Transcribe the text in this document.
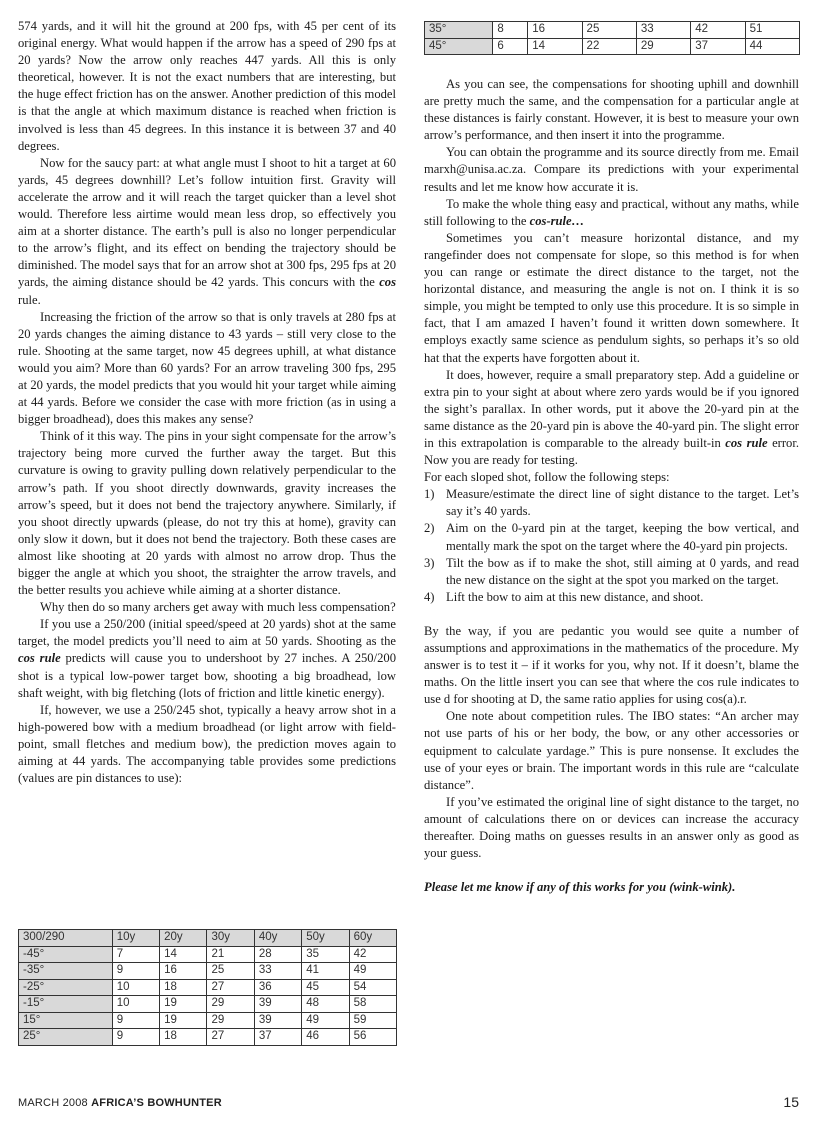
35°	8	16	25	33	42	51
45°	6	14	22	29	37	44

574 yards, and it will hit the ground at 200 fps, with 45 per cent of its original energy. What would happen if the arrow has a speed of 290 fps at 20 yards? Now the arrow only reaches 447 yards. All this is only theoretical, however. It is not the exact numbers that are interesting, but the huge effect friction has on the answer. Another prediction of this model is that the angle at which maximum distance is reached when friction is involved is less than 45 degrees. In this instance it is between 37 and 40 degrees.

Now for the saucy part: at what angle must I shoot to hit a target at 60 yards, 45 degrees downhill? Let’s follow intuition first. Gravity will accelerate the arrow and it will reach the target quicker than a level shot would. Therefore less airtime would mean less drop, so effectively you aim at a shorter distance. The earth’s pull is also no longer perpendicular to the arrow’s flight, and its effect on bending the trajectory should be diminished. The model says that for an arrow shot at 300 fps, 295 fps at 20 yards, the aiming distance should be 42 yards. This concurs with the cos rule.

Increasing the friction of the arrow so that is only travels at 280 fps at 20 yards changes the aiming distance to 43 yards – still very close to the rule. Shooting at the same target, now 45 degrees uphill, at what distance would you aim? More than 60 yards? For an arrow traveling 300 fps, 295 at 20 yards, the model predicts that you would hit your target while aiming at 44 yards. Before we consider the case with more friction (as in using a bigger broadhead), does this makes any sense?

Think of it this way. The pins in your sight compensate for the arrow’s trajectory being more curved the further away the target. But this curvature is owing to gravity pulling down relatively perpendicular to the arrow’s path. If you shoot directly downwards, gravity increases the arrow’s speed, but it does not bend the trajectory anywhere. Similarly, if you shoot directly upwards (please, do not try this at home), gravity can only slow it down, but it does not bend the trajectory. Both these cases are almost like shooting at 20 yards with almost no arrow drop. Thus the bigger the angle at which you shoot, the straighter the arrow travels, and the better results you achieve while aiming at a shorter distance.

Why then do so many archers get away with much less compensation?

If you use a 250/200 (initial speed/speed at 20 yards) shot at the same target, the model predicts you’ll need to aim at 50 yards. Shooting as the cos rule predicts will cause you to undershoot by 27 inches. A 250/200 shot is a typical low-power target bow, shooting a big broadhead, low shaft weight, with big fletching (lots of friction and little kinetic energy).

If, however, we use a 250/245 shot, typically a heavy arrow shot in a high-powered bow with a medium broadhead (or light arrow with field-point, small fletches and medium bow), the prediction moves again to aiming at 44 yards. The accompanying table provides some predictions (values are pin distances to use):

300/290	10y	20y	30y	40y	50y	60y
-45°	7	14	21	28	35	42
-35°	9	16	25	33	41	49
-25°	10	18	27	36	45	54
-15°	10	19	29	39	48	58
15°	9	19	29	39	49	59
25°	9	18	27	37	46	56

As you can see, the compensations for shooting uphill and downhill are pretty much the same, and the compensation for a particular angle at these distances is fairly constant. However, it is best to measure your own arrow’s performance, and then insert it into the programme.

You can obtain the programme and its source directly from me. Email marxh@unisa.ac.za. Compare its predictions with your experimental results and let me know how accurate it is.

To make the whole thing easy and practical, without any maths, while still following to the cos-rule…

Sometimes you can’t measure horizontal distance, and my rangefinder does not compensate for slope, so this method is for when you can range or estimate the direct distance to the target, not the horizontal distance, and measuring the angle is not on. I think it is so simple, you might be tempted to only use this procedure. It is so simple in fact, that I am amazed I haven’t found it written down somewhere. It employs exactly same science as pendulum sights, so perhaps it’s so old hat that the experts have forgotten about it.

It does, however, require a small preparatory step. Add a guideline or extra pin to your sight at about where zero yards would be if you ignored the sight’s parallax. In other words, put it above the 20-yard pin at the same distance as the 20-yard pin is above the 40-yard pin. The slight error in this extrapolation is comparable to the already built-in cos rule error. Now you are ready for testing.

For each sloped shot, follow the following steps:

1) Measure/estimate the direct line of sight distance to the target. Let’s say it’s 40 yards.
2) Aim on the 0-yard pin at the target, keeping the bow vertical, and mentally mark the spot on the target where the 40-yard pin projects.
3) Tilt the bow as if to make the shot, still aiming at 0 yards, and read the new distance on the sight at the spot you marked on the target.
4) Lift the bow to aim at this new distance, and shoot.

By the way, if you are pedantic you would see quite a number of assumptions and approximations in the mathematics of the procedure. My answer is to test it – if it works for you, why not. If it doesn’t, blame the maths. On the little insert you can see that where the cos rule indicates to use d for shooting at D, the same ratio applies for using cos(a).r.

One note about competition rules. The IBO states: “An archer may not use parts of his or her body, the bow, or any other accessories or equipment to calculate yardage.” This is pure nonsense. It excludes the use of your eyes or brain. The important words in this rule are “calculate distance”.

If you’ve estimated the original line of sight distance to the target, no amount of calculations there on or devices can increase the accuracy thereafter. Doing maths on guesses results in an answer only as good as your guess.

Please let me know if any of this works for you (wink-wink).

MARCH 2008 AFRICA’S BOWHUNTER	15
